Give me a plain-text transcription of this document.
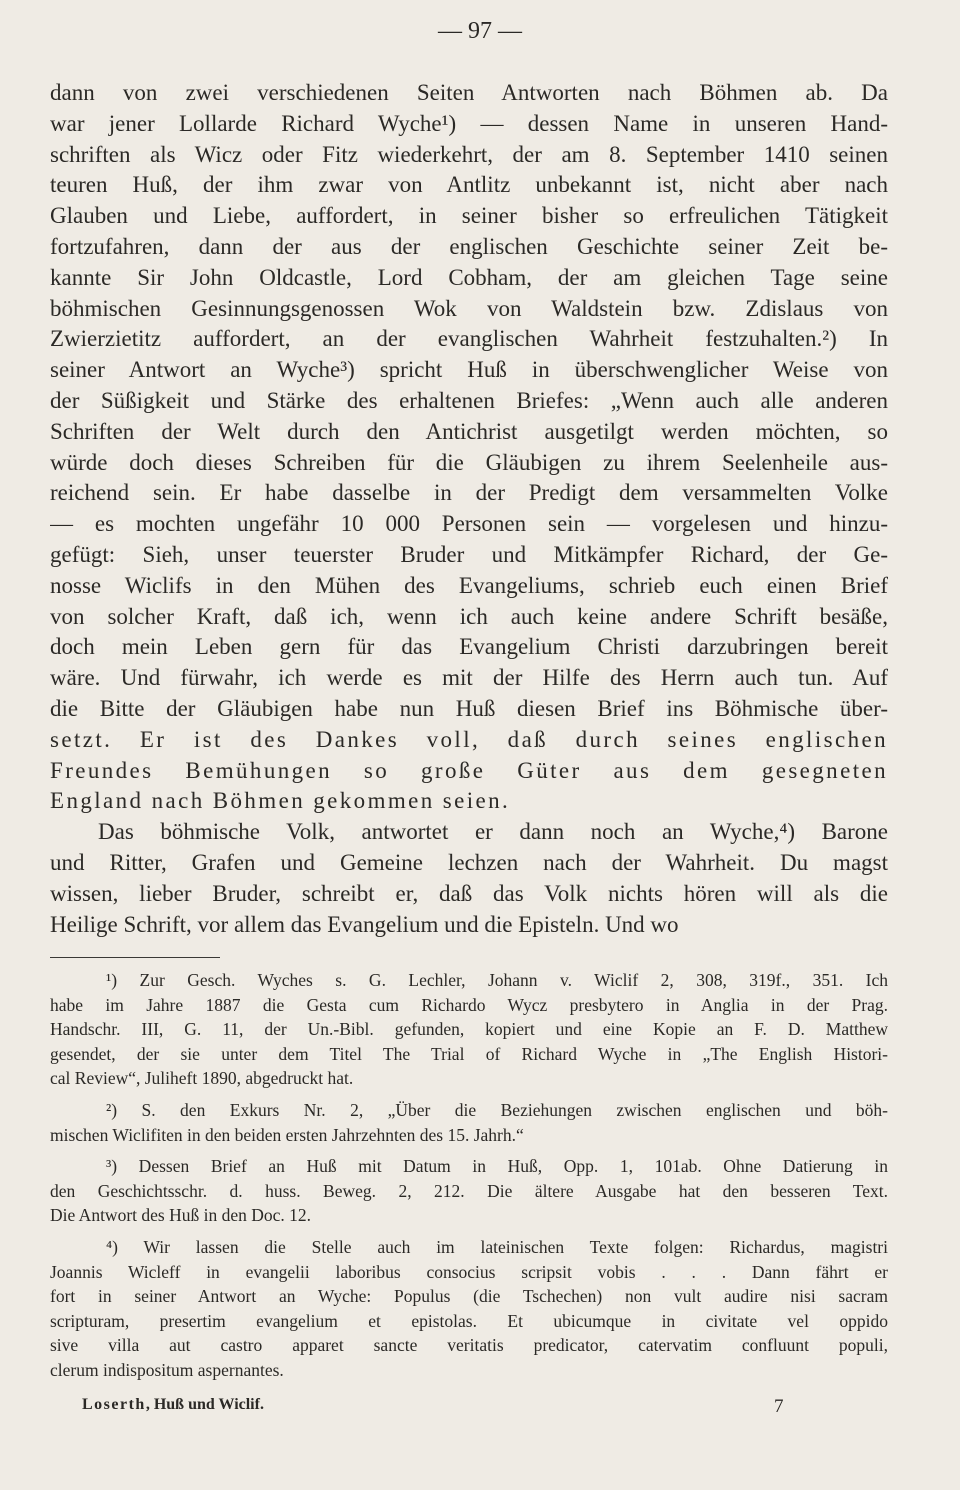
— 97 —
dann von zwei verschiedenen Seiten Antworten nach Böhmen ab. Da
war jener Lollarde Richard Wyche¹) — dessen Name in unseren Hand-
schriften als Wicz oder Fitz wiederkehrt, der am 8. September 1410 seinen
teuren Huß, der ihm zwar von Antlitz unbekannt ist, nicht aber nach
Glauben und Liebe, auffordert, in seiner bisher so erfreulichen Tätigkeit
fortzufahren, dann der aus der englischen Geschichte seiner Zeit be-
kannte Sir John Oldcastle, Lord Cobham, der am gleichen Tage seine
böhmischen Gesinnungsgenossen Wok von Waldstein bzw. Zdislaus von
Zwierzietitz auffordert, an der evanglischen Wahrheit festzuhalten.²) In
seiner Antwort an Wyche³) spricht Huß in überschwenglicher Weise von
der Süßigkeit und Stärke des erhaltenen Briefes: „Wenn auch alle anderen
Schriften der Welt durch den Antichrist ausgetilgt werden möchten, so
würde doch dieses Schreiben für die Gläubigen zu ihrem Seelenheile aus-
reichend sein. Er habe dasselbe in der Predigt dem versammelten Volke
— es mochten ungefähr 10 000 Personen sein — vorgelesen und hinzu-
gefügt: Sieh, unser teuerster Bruder und Mitkämpfer Richard, der Ge-
nosse Wiclifs in den Mühen des Evangeliums, schrieb euch einen Brief
von solcher Kraft, daß ich, wenn ich auch keine andere Schrift besäße,
doch mein Leben gern für das Evangelium Christi darzubringen bereit
wäre. Und fürwahr, ich werde es mit der Hilfe des Herrn auch tun. Auf
die Bitte der Gläubigen habe nun Huß diesen Brief ins Böhmische über-
setzt. Er ist des Dankes voll, daß durch seines englischen
Freundes Bemühungen so große Güter aus dem gesegneten
England nach Böhmen gekommen seien.
Das böhmische Volk, antwortet er dann noch an Wyche,⁴) Barone
und Ritter, Grafen und Gemeine lechzen nach der Wahrheit. Du magst
wissen, lieber Bruder, schreibt er, daß das Volk nichts hören will als die
Heilige Schrift, vor allem das Evangelium und die Episteln. Und wo
¹) Zur Gesch. Wyches s. G. Lechler, Johann v. Wiclif 2, 308, 319f., 351. Ich
habe im Jahre 1887 die Gesta cum Richardo Wycz presbytero in Anglia in der Prag.
Handschr. III, G. 11, der Un.-Bibl. gefunden, kopiert und eine Kopie an F. D. Matthew
gesendet, der sie unter dem Titel The Trial of Richard Wyche in „The English Histori-
cal Review“, Juliheft 1890, abgedruckt hat.
²) S. den Exkurs Nr. 2, „Über die Beziehungen zwischen englischen und böh-
mischen Wiclifiten in den beiden ersten Jahrzehnten des 15. Jahrh.“
³) Dessen Brief an Huß mit Datum in Huß, Opp. 1, 101ab. Ohne Datierung in
den Geschichtsschr. d. huss. Beweg. 2, 212. Die ältere Ausgabe hat den besseren Text.
Die Antwort des Huß in den Doc. 12.
⁴) Wir lassen die Stelle auch im lateinischen Texte folgen: Richardus, magistri
Joannis Wicleff in evangelii laboribus consocius scripsit vobis . . . Dann fährt er
fort in seiner Antwort an Wyche: Populus (die Tschechen) non vult audire nisi sacram
scripturam, presertim evangelium et epistolas. Et ubicumque in civitate vel oppido
sive villa aut castro apparet sancte veritatis predicator, catervatim confluunt populi,
clerum indispositum aspernantes.
Loserth, Huß und Wiclif.	7
